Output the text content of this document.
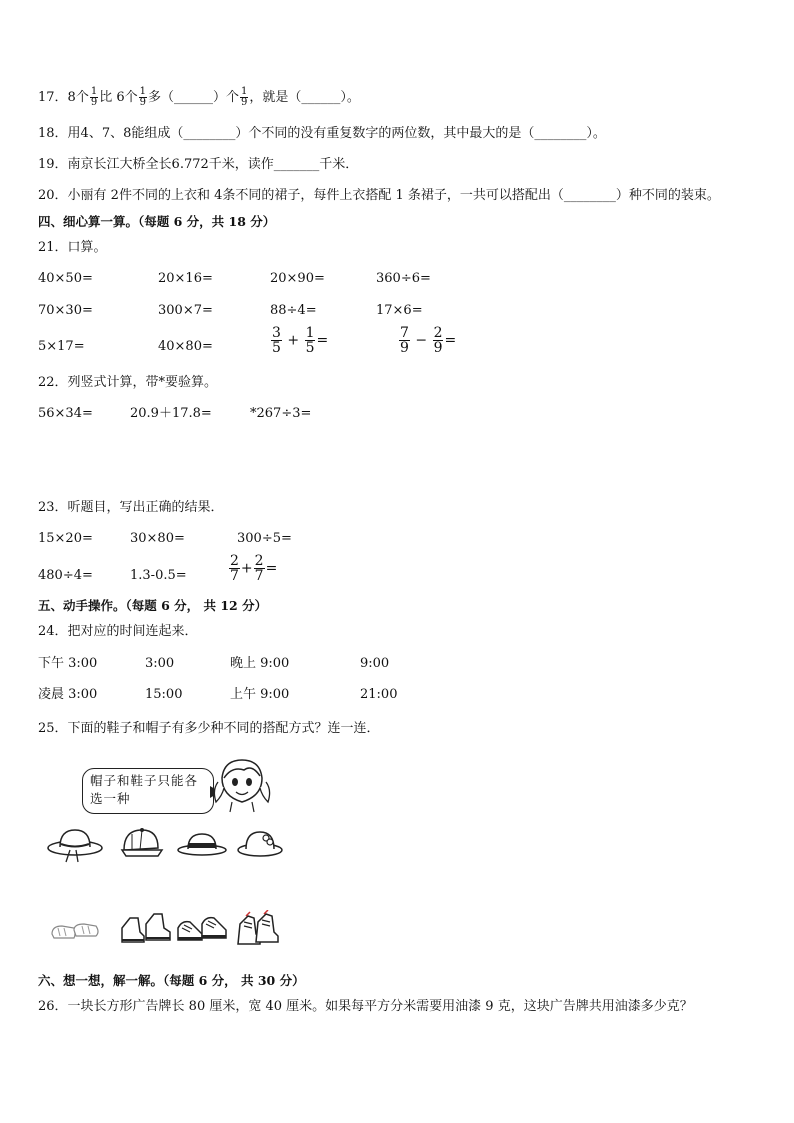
17．8个 $\frac{1}{9}$ 比 6个 $\frac{1}{9}$ 多（______）个 $\frac{1}{9}$ ，就是（______）。
18．用4、7、8能组成（________）个不同的没有重复数字的两位数，其中最大的是（________）。
19．南京长江大桥全长6.772千米，读作_______千米．
20．小丽有 2件不同的上衣和 4条不同的裙子，每件上衣搭配 1 条裙子，一共可以搭配出（________）种不同的装束。
四、细心算一算。（每题 6 分，共 18 分）
21．口算。
40×50=	20×16=	20×90=	360÷6=
70×30=	300×7=	88÷4=	17×6=
5×17=	40×80=	$\frac{3}{5} + \frac{1}{5}$ =	$\frac{7}{9} - \frac{2}{9}$ =
22．列竖式计算，带*要验算。
56×34=	20.9＋17.8=	*267÷3=
23．听题目，写出正确的结果．
15×20=	30×80=	300÷5=
480÷4=	1.3-0.5=	$\frac{2}{7} + \frac{2}{7}$ =
五、动手操作。（每题 6 分， 共 12 分）
24．把对应的时间连起来．
下午 3:00	3:00	晚上 9:00	9:00
凌晨 3:00	15:00	上午 9:00	21:00
25．下面的鞋子和帽子有多少种不同的搭配方式？连一连．
帽子和鞋子只能各选一种
六、想一想，解一解。（每题 6 分， 共 30 分）
26．一块长方形广告牌长 80 厘米，宽 40 厘米。如果每平方分米需要用油漆 9 克，这块广告牌共用油漆多少克？
